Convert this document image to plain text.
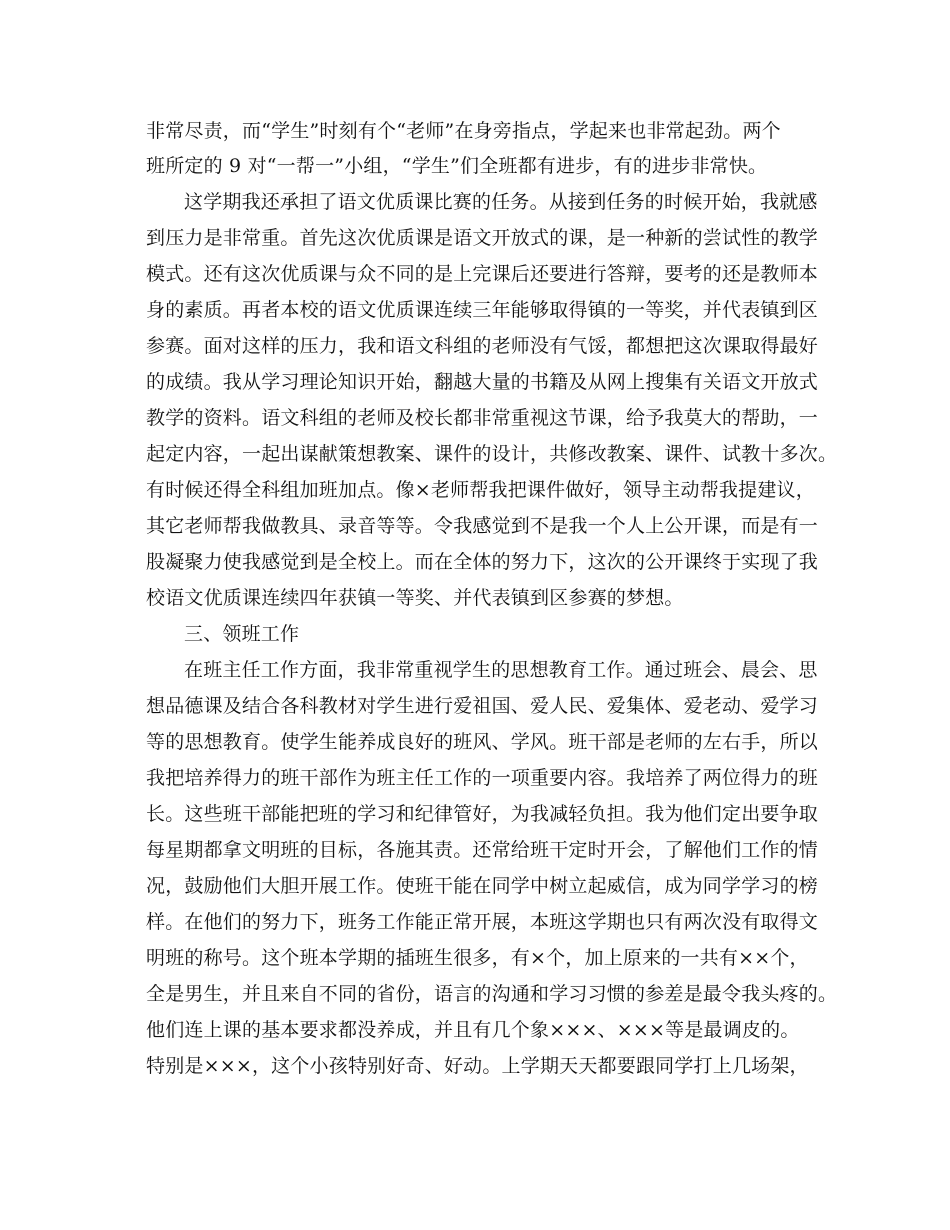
非常尽责，而“学生”时刻有个“老师”在身旁指点，学起来也非常起劲。两个
班所定的 9 对“一帮一”小组，“学生”们全班都有进步，有的进步非常快。
这学期我还承担了语文优质课比赛的任务。从接到任务的时候开始，我就感
到压力是非常重。首先这次优质课是语文开放式的课，是一种新的尝试性的教学
模式。还有这次优质课与众不同的是上完课后还要进行答辩，要考的还是教师本
身的素质。再者本校的语文优质课连续三年能够取得镇的一等奖，并代表镇到区
参赛。面对这样的压力，我和语文科组的老师没有气馁，都想把这次课取得最好
的成绩。我从学习理论知识开始，翻越大量的书籍及从网上搜集有关语文开放式
教学的资料。语文科组的老师及校长都非常重视这节课，给予我莫大的帮助，一
起定内容，一起出谋献策想教案、课件的设计，共修改教案、课件、试教十多次。
有时候还得全科组加班加点。像×老师帮我把课件做好，领导主动帮我提建议，
其它老师帮我做教具、录音等等。令我感觉到不是我一个人上公开课，而是有一
股凝聚力使我感觉到是全校上。而在全体的努力下，这次的公开课终于实现了我
校语文优质课连续四年获镇一等奖、并代表镇到区参赛的梦想。
三、领班工作
在班主任工作方面，我非常重视学生的思想教育工作。通过班会、晨会、思
想品德课及结合各科教材对学生进行爱祖国、爱人民、爱集体、爱老动、爱学习
等的思想教育。使学生能养成良好的班风、学风。班干部是老师的左右手，所以
我把培养得力的班干部作为班主任工作的一项重要内容。我培养了两位得力的班
长。这些班干部能把班的学习和纪律管好，为我减轻负担。我为他们定出要争取
每星期都拿文明班的目标，各施其责。还常给班干定时开会，了解他们工作的情
况，鼓励他们大胆开展工作。使班干能在同学中树立起威信，成为同学学习的榜
样。在他们的努力下，班务工作能正常开展，本班这学期也只有两次没有取得文
明班的称号。这个班本学期的插班生很多，有×个，加上原来的一共有××个，
全是男生，并且来自不同的省份，语言的沟通和学习习惯的参差是最令我头疼的。
他们连上课的基本要求都没养成，并且有几个象×××、×××等是最调皮的。
特别是×××，这个小孩特别好奇、好动。上学期天天都要跟同学打上几场架，
